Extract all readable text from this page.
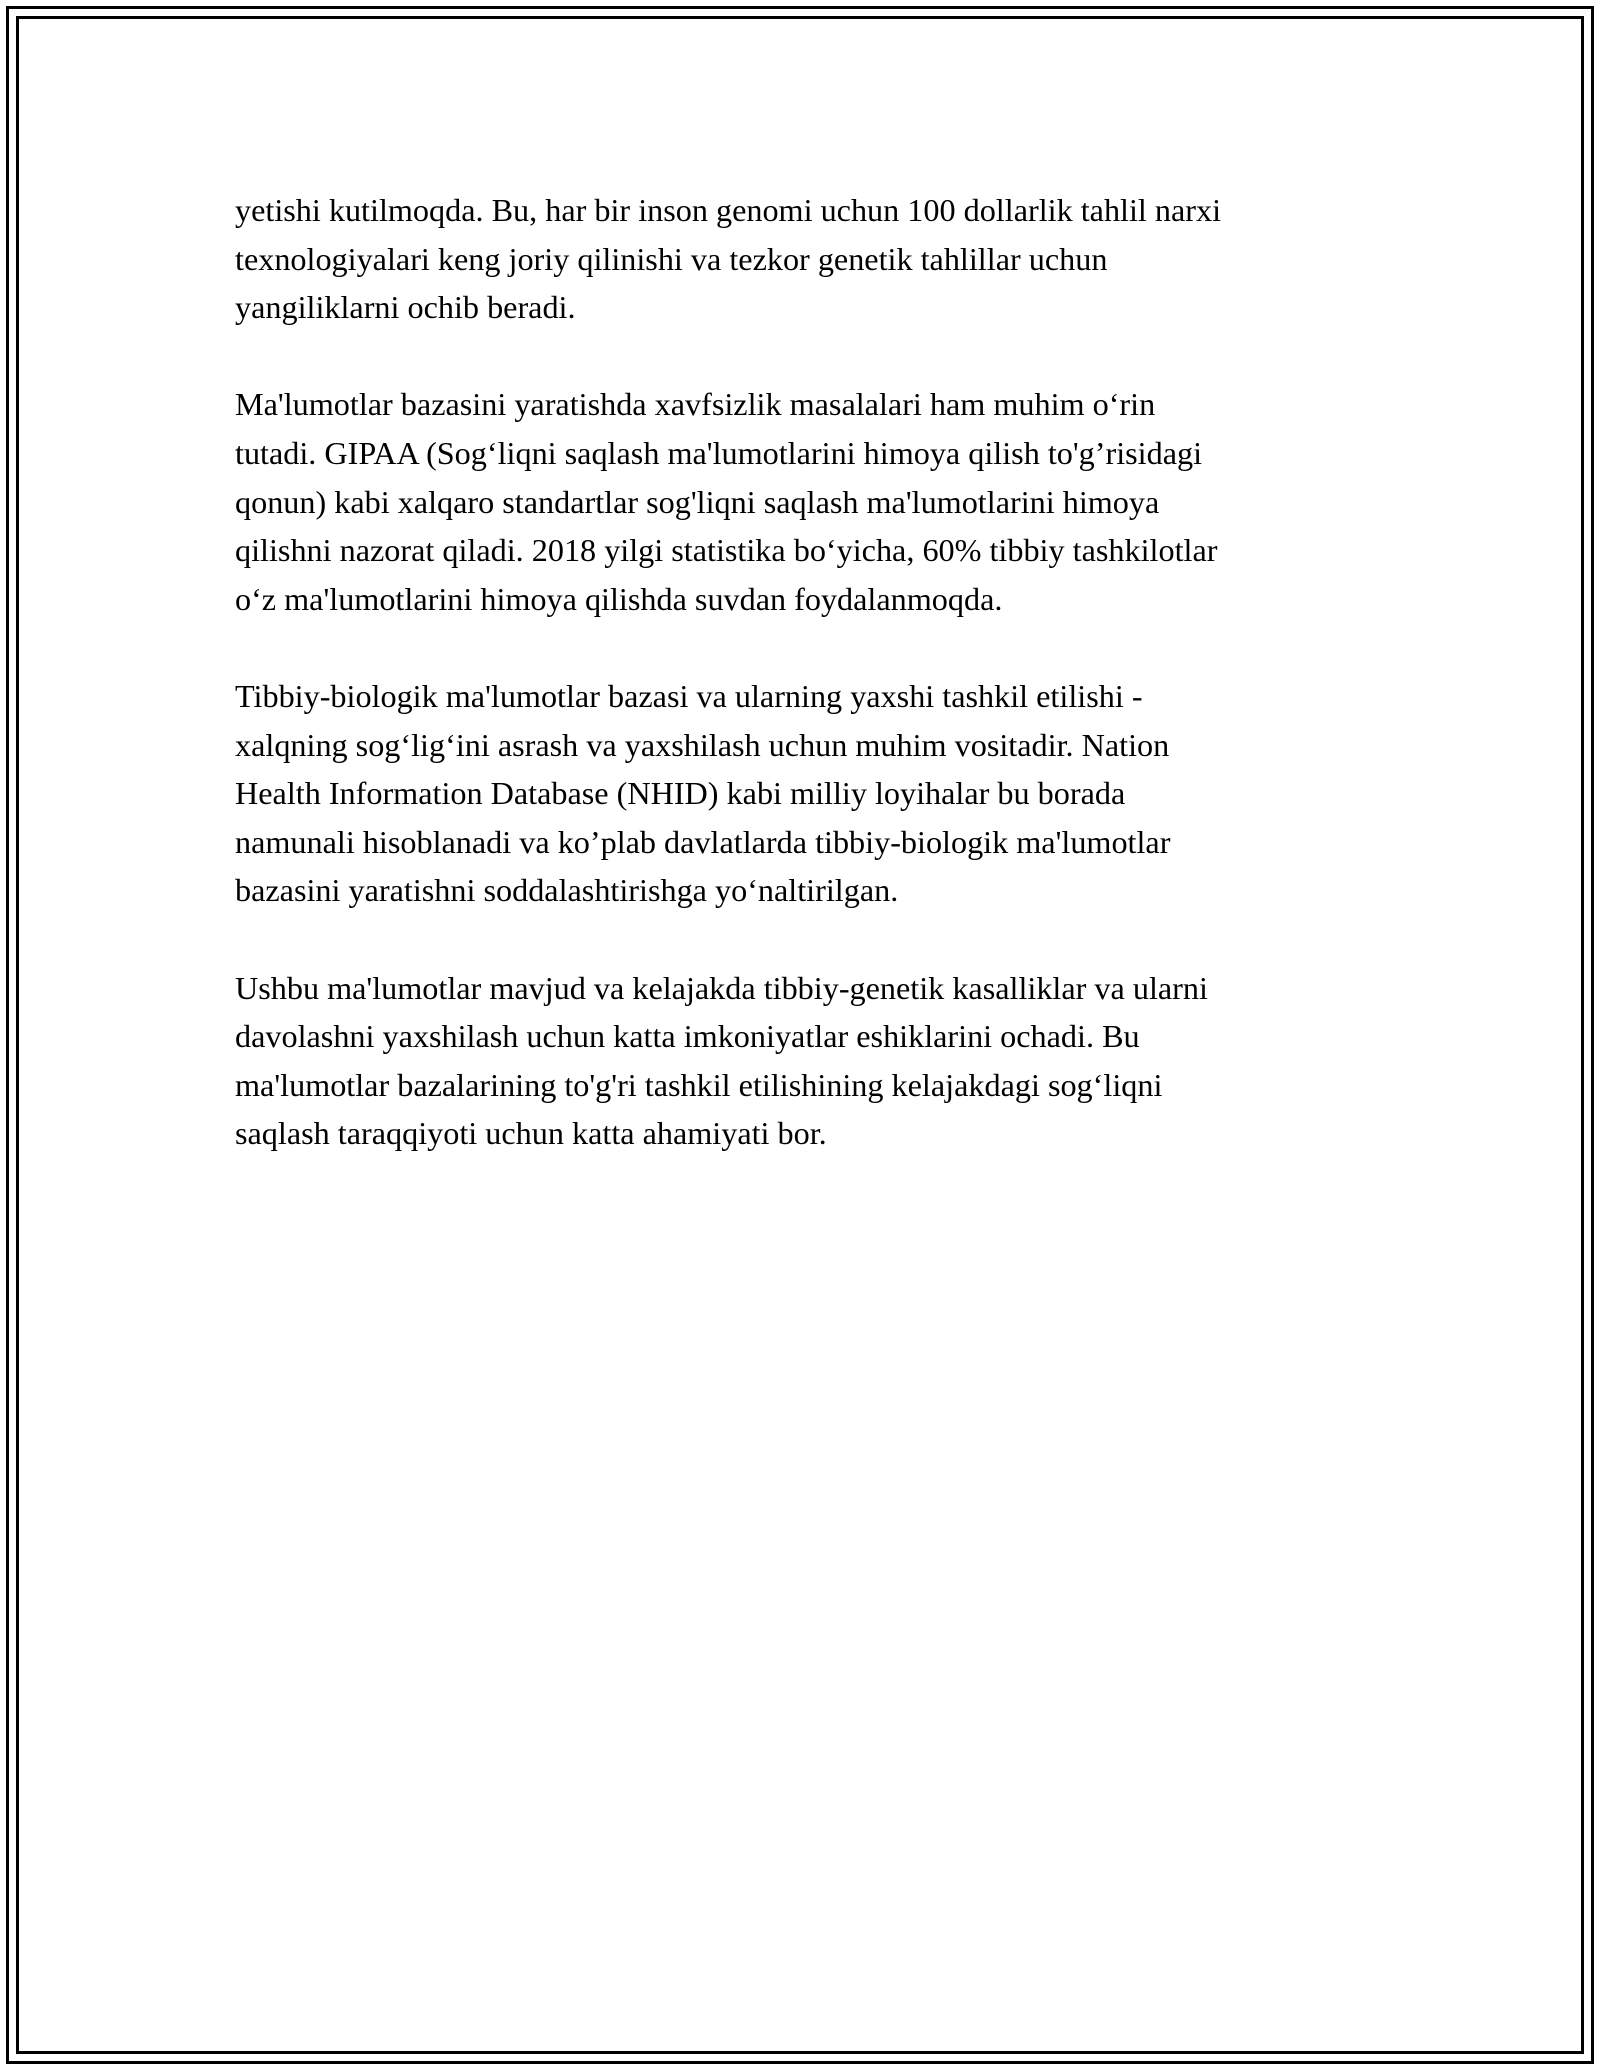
yetishi kutilmoqda. Bu, har bir inson genomi uchun 100 dollarlik tahlil narxi
texnologiyalari keng joriy qilinishi va tezkor genetik tahlillar uchun
yangiliklarni ochib beradi.

Ma'lumotlar bazasini yaratishda xavfsizlik masalalari ham muhim o‘rin
tutadi. GIPAA (Sog‘liqni saqlash ma'lumotlarini himoya qilish to'g’risidagi
qonun) kabi xalqaro standartlar sog'liqni saqlash ma'lumotlarini himoya
qilishni nazorat qiladi. 2018 yilgi statistika bo‘yicha, 60% tibbiy tashkilotlar
o‘z ma'lumotlarini himoya qilishda suvdan foydalanmoqda.

Tibbiy-biologik ma'lumotlar bazasi va ularning yaxshi tashkil etilishi -
xalqning sog‘lig‘ini asrash va yaxshilash uchun muhim vositadir. Nation
Health Information Database (NHID) kabi milliy loyihalar bu borada
namunali hisoblanadi va ko’plab davlatlarda tibbiy-biologik ma'lumotlar
bazasini yaratishni soddalashtirishga yo‘naltirilgan.

Ushbu ma'lumotlar mavjud va kelajakda tibbiy-genetik kasalliklar va ularni
davolashni yaxshilash uchun katta imkoniyatlar eshiklarini ochadi. Bu
ma'lumotlar bazalarining to'g'ri tashkil etilishining kelajakdagi sog‘liqni
saqlash taraqqiyoti uchun katta ahamiyati bor.
